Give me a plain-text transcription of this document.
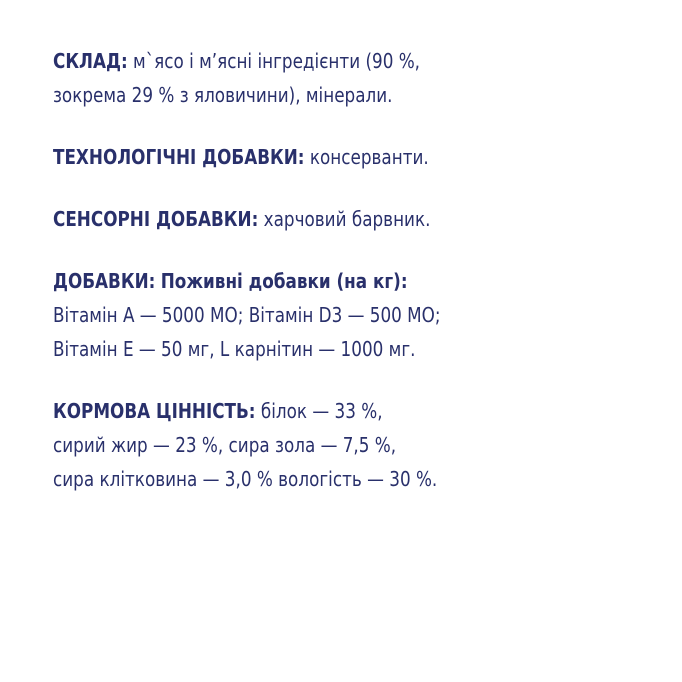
СКЛАД: м`ясо і м’ясні інгредієнти (90 %,
зокрема 29 % з яловичини), мінерали.
ТЕХНОЛОГІЧНІ ДОБАВКИ: консерванти.
СЕНСОРНІ ДОБАВКИ: харчовий барвник.
ДОБАВКИ: Поживні добавки (на кг):
Вітамін А — 5000 МО; Вітамін D3 — 500 МО;
Вітамін Е — 50 мг, L карнітин — 1000 мг.
КОРМОВА ЦІННІСТЬ: білок — 33 %,
сирий жир — 23 %, сира зола — 7,5 %,
сира клітковина — 3,0 % вологість — 30 %.
